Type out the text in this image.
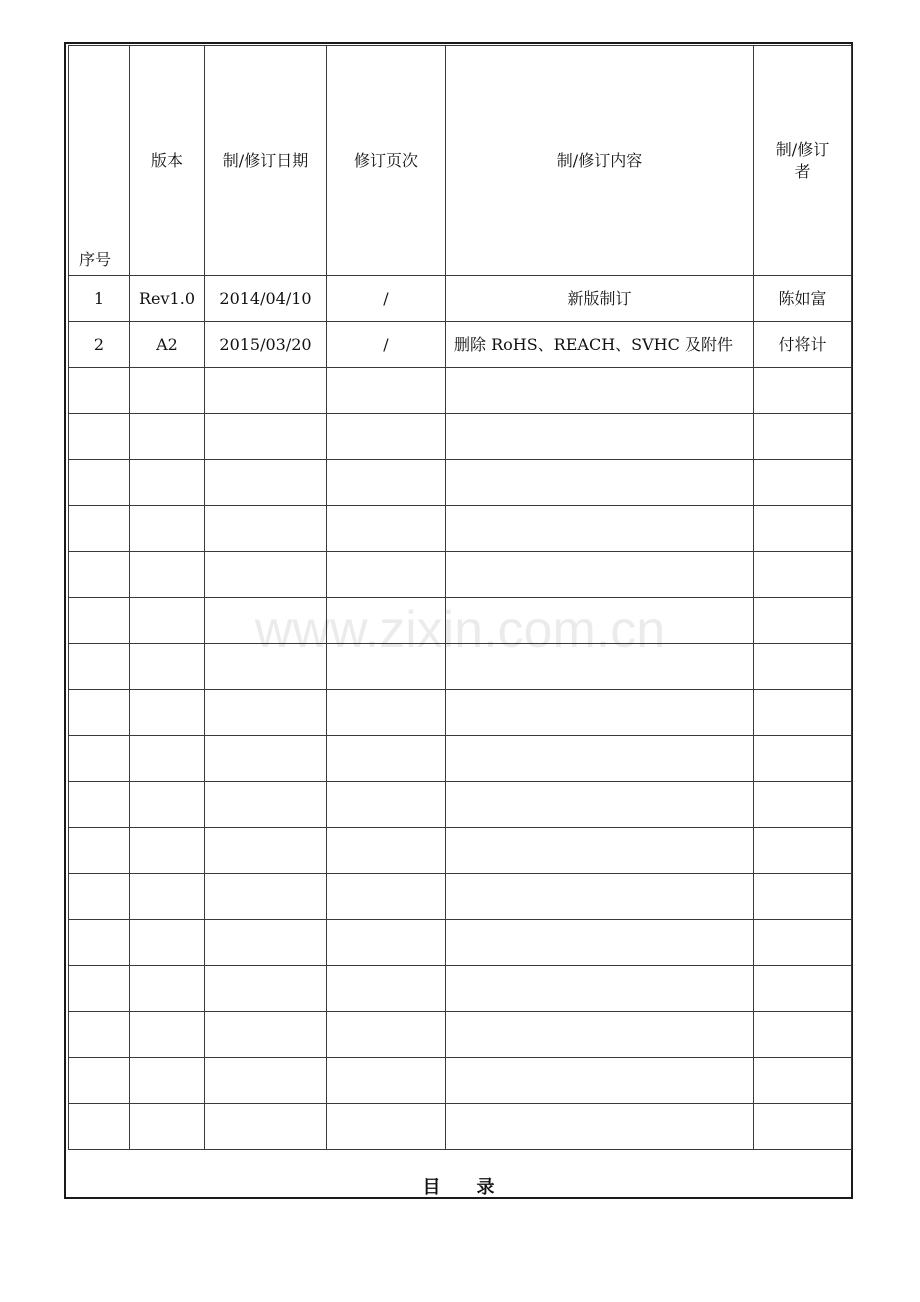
序号	版本	制/修订日期	修订页次	制/修订内容	制/修订
者
1	Rev1.0	2014/04/10	/	新版制订	陈如富
2	A2	2015/03/20	/	删除 RoHS、REACH、SVHC 及附件	付将计

www.zixin.com.cn
目录
